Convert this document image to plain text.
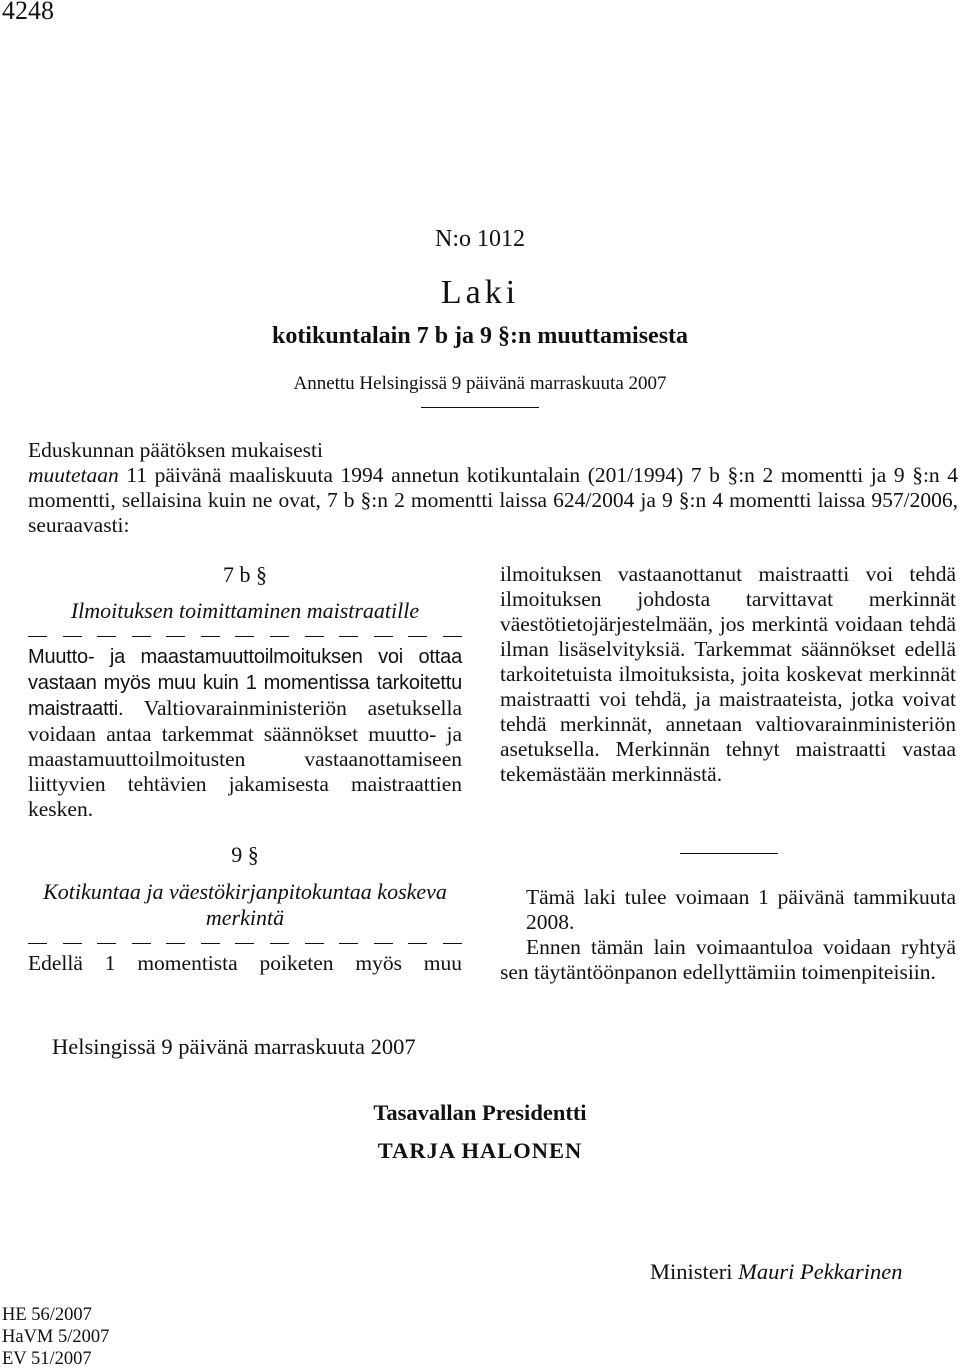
4248
N:o 1012
Laki
kotikuntalain 7 b ja 9 §:n muuttamisesta
Annettu Helsingissä 9 päivänä marraskuuta 2007
Eduskunnan päätöksen mukaisesti
muutetaan 11 päivänä maaliskuuta 1994 annetun kotikuntalain (201/1994) 7 b §:n 2 momentti ja 9 §:n 4 momentti, sellaisina kuin ne ovat, 7 b §:n 2 momentti laissa 624/2004 ja 9 §:n 4 momentti laissa 957/2006, seuraavasti:
7 b §
Ilmoituksen toimittaminen maistraatille
Muutto- ja maastamuuttoilmoituksen voi ottaa vastaan myös muu kuin 1 momentissa tarkoitettu maistraatti. Valtiovarainministeriön asetuksella voidaan antaa tarkemmat säännökset muutto- ja maastamuuttoilmoitusten vastaanottamiseen liittyvien tehtävien jakamisesta maistraattien kesken.
9 §
Kotikuntaa ja väestökirjanpitokuntaa koskeva merkintä
Edellä 1 momentista poiketen myös muu
ilmoituksen vastaanottanut maistraatti voi tehdä ilmoituksen johdosta tarvittavat merkinnät väestötietojärjestelmään, jos merkintä voidaan tehdä ilman lisäselvityksiä. Tarkemmat säännökset edellä tarkoitetuista ilmoituksista, joita koskevat merkinnät maistraatti voi tehdä, ja maistraateista, jotka voivat tehdä merkinnät, annetaan valtiovarainministeriön asetuksella. Merkinnän tehnyt maistraatti vastaa tekemästään merkinnästä.
Tämä laki tulee voimaan 1 päivänä tammikuuta 2008.
Ennen tämän lain voimaantuloa voidaan ryhtyä sen täytäntöönpanon edellyttämiin toimenpiteisiin.
Helsingissä 9 päivänä marraskuuta 2007
Tasavallan Presidentti
TARJA HALONEN
Ministeri Mauri Pekkarinen
HE 56/2007
HaVM 5/2007
EV 51/2007
